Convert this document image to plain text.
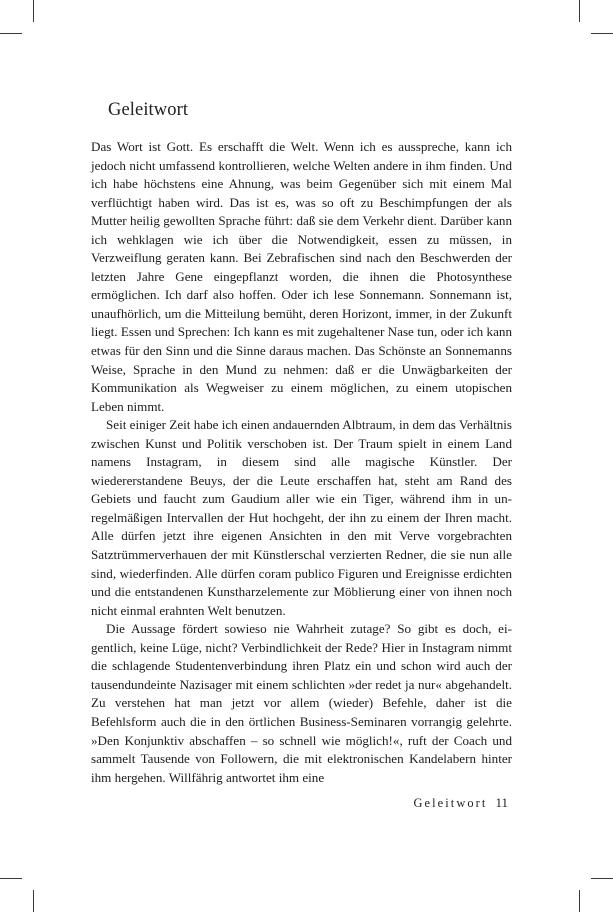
Geleitwort

Das Wort ist Gott. Es erschafft die Welt. Wenn ich es ausspreche, kann ich jedoch nicht umfassend kontrollieren, welche Welten andere in ihm finden. Und ich habe höchstens eine Ahnung, was beim Gegenüber sich mit einem Mal verflüchtigt haben wird. Das ist es, was so oft zu Beschimpfungen der als Mutter heilig gewollten Sprache führt: daß sie dem Verkehr dient. Darüber kann ich wehklagen wie ich über die Notwendigkeit, essen zu müssen, in Verzweiflung geraten kann. Bei Zebrafischen sind nach den Beschwerden der letzten Jahre Gene eingepflanzt worden, die ihnen die Photosynthese ermöglichen. Ich darf also hoffen. Oder ich lese Sonnemann. Sonnemann ist, unaufhörlich, um die Mitteilung bemüht, deren Horizont, immer, in der Zukunft liegt. Essen und Sprechen: Ich kann es mit zugehaltener Nase tun, oder ich kann etwas für den Sinn und die Sinne daraus machen. Das Schönste an Sonnemanns Weise, Sprache in den Mund zu nehmen: daß er die Unwägbarkeiten der Kommunikation als Wegweiser zu einem möglichen, zu einem utopischen Leben nimmt.

Seit einiger Zeit habe ich einen andauernden Albtraum, in dem das Verhältnis zwischen Kunst und Politik verschoben ist. Der Traum spielt in einem Land namens Instagram, in diesem sind alle magische Künstler. Der wiedererstandene Beuys, der die Leute erschaffen hat, steht am Rand des Gebiets und faucht zum Gaudium aller wie ein Tiger, während ihm in unregelmäßigen Intervallen der Hut hochgeht, der ihn zu einem der Ihren macht. Alle dürfen jetzt ihre eigenen Ansichten in den mit Verve vorgebrachten Satztrümmerverhauen der mit Künstlerschal verzierten Redner, die sie nun alle sind, wiederfinden. Alle dürfen coram publico Figuren und Ereignisse erdichten und die entstandenen Kunstharzelemente zur Möblierung einer von ihnen noch nicht einmal erahnten Welt benutzen.

Die Aussage fördert sowieso nie Wahrheit zutage? So gibt es doch, eigentlich, keine Lüge, nicht? Verbindlichkeit der Rede? Hier in Instagram nimmt die schlagende Studentenverbindung ihren Platz ein und schon wird auch der tausendundeinte Nazisager mit einem schlichten »der redet ja nur« abgehandelt. Zu verstehen hat man jetzt vor allem (wieder) Befehle, daher ist die Befehlsform auch die in den örtlichen Business-Seminaren vorrangig gelehrte. »Den Konjunktiv abschaffen – so schnell wie möglich!«, ruft der Coach und sammelt Tausende von Followern, die mit elektronischen Kandelabern hinter ihm hergehen. Willfährig antwortet ihm eine

Geleitwort 11
